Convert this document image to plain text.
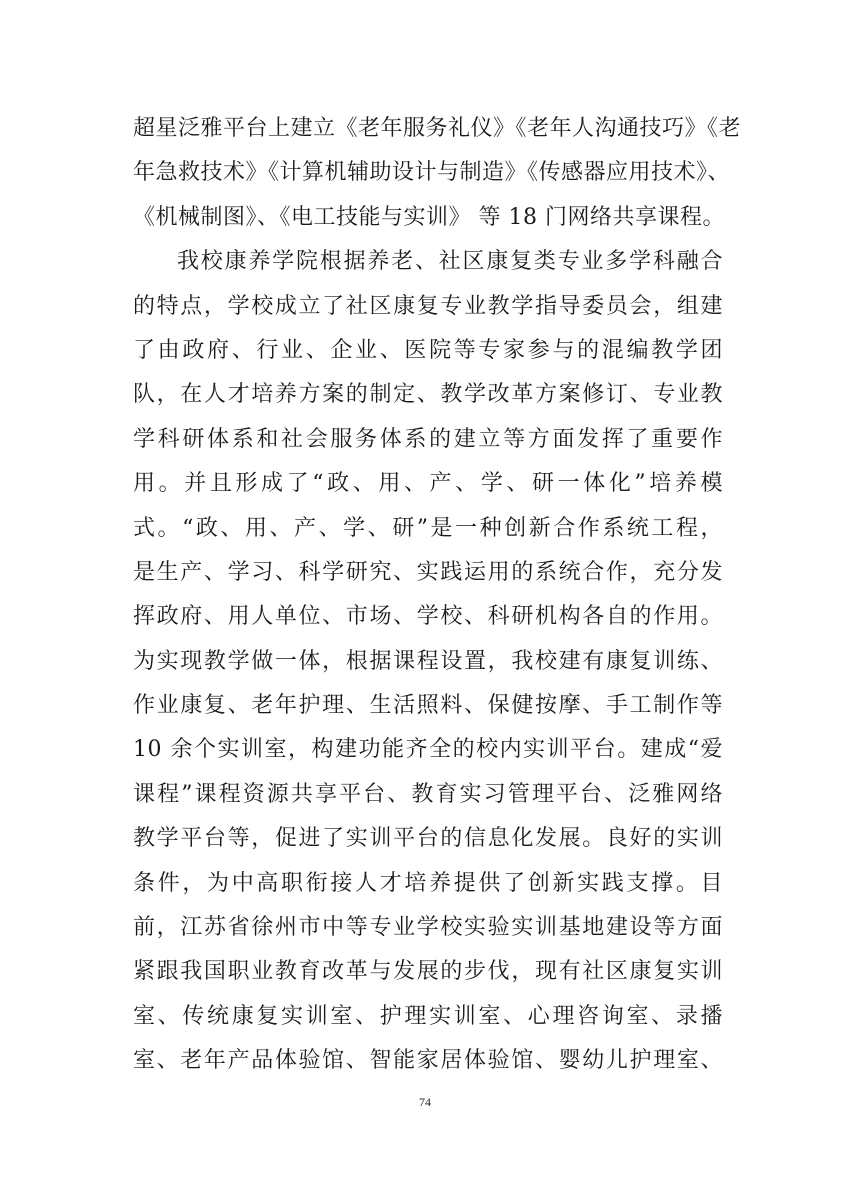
超星泛雅平台上建立《老年服务礼仪》《老年人沟通技巧》《老
年急救技术》《计算机辅助设计与制造》《传感器应用技术》、
《机械制图》、《电工技能与实训》 等 18 门网络共享课程。
我校康养学院根据养老、社区康复类专业多学科融合
的特点，学校成立了社区康复专业教学指导委员会，组建
了由政府、行业、企业、医院等专家参与的混编教学团
队，在人才培养方案的制定、教学改革方案修订、专业教
学科研体系和社会服务体系的建立等方面发挥了重要作
用。并且形成了“政、用、产、学、研一体化”培养模
式。“政、用、产、学、研”是一种创新合作系统工程，
是生产、学习、科学研究、实践运用的系统合作，充分发
挥政府、用人单位、市场、学校、科研机构各自的作用。
为实现教学做一体，根据课程设置，我校建有康复训练、
作业康复、老年护理、生活照料、保健按摩、手工制作等
10 余个实训室，构建功能齐全的校内实训平台。建成“爱
课程”课程资源共享平台、教育实习管理平台、泛雅网络
教学平台等，促进了实训平台的信息化发展。良好的实训
条件，为中高职衔接人才培养提供了创新实践支撑。目
前，江苏省徐州市中等专业学校实验实训基地建设等方面
紧跟我国职业教育改革与发展的步伐，现有社区康复实训
室、传统康复实训室、护理实训室、心理咨询室、录播
室、老年产品体验馆、智能家居体验馆、婴幼儿护理室、
74
